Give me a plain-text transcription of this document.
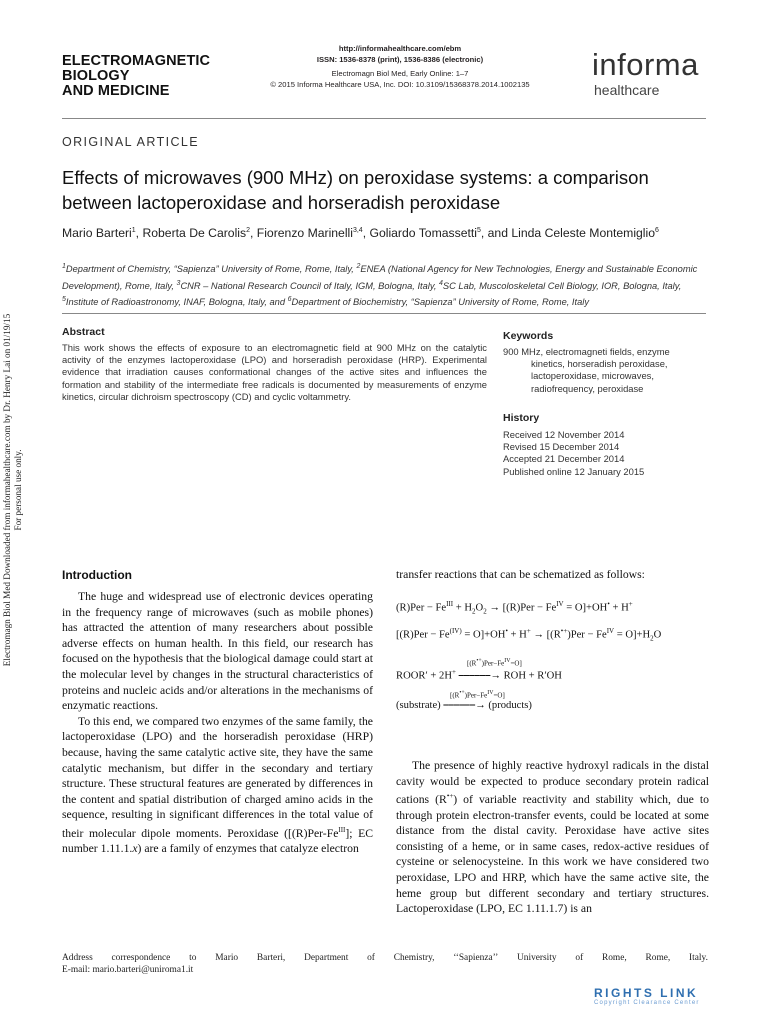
ELECTROMAGNETIC
BIOLOGY
AND MEDICINE
http://informahealthcare.com/ebm
ISSN: 1536-8378 (print), 1536-8386 (electronic)
Electromagn Biol Med, Early Online: 1–7
© 2015 Informa Healthcare USA, Inc. DOI: 10.3109/15368378.2014.1002135
informa
healthcare
Electromagn Biol Med Downloaded from informahealthcare.com by Dr. Henry Lai on 01/19/15 For personal use only.
ORIGINAL ARTICLE
Effects of microwaves (900 MHz) on peroxidase systems: a comparison between lactoperoxidase and horseradish peroxidase
Mario Barteri$^1$, Roberta De Carolis$^2$, Fiorenzo Marinelli$^{3,4}$, Goliardo Tomassetti$^5$, and Linda Celeste Montemiglio$^6$
$^1$Department of Chemistry, “Sapienza” University of Rome, Rome, Italy, $^2$ENEA (National Agency for New Technologies, Energy and Sustainable Economic Development), Rome, Italy, $^3$CNR – National Research Council of Italy, IGM, Bologna, Italy, $^4$SC Lab, Muscoloskeletal Cell Biology, IOR, Bologna, Italy, $^5$Institute of Radioastronomy, INAF, Bologna, Italy, and $^6$Department of Biochemistry, “Sapienza” University of Rome, Rome, Italy
Abstract
This work shows the effects of exposure to an electromagnetic field at 900 MHz on the catalytic activity of the enzymes lactoperoxidase (LPO) and horseradish peroxidase (HRP). Experimental evidence that irradiation causes conformational changes of the active sites and influences the formation and stability of the intermediate free radicals is documented by measurements of enzyme kinetics, circular dichroism spectroscopy (CD) and cyclic voltammetry.
Keywords
900 MHz, electromagneti fields, enzyme
kinetics, horseradish peroxidase,
lactoperoxidase, microwaves,
radiofrequency, peroxidase
History
Received 12 November 2014
Revised 15 December 2014
Accepted 21 December 2014
Published online 12 January 2015
Introduction

The huge and widespread use of electronic devices operating in the frequency range of microwaves (such as mobile phones) has attracted the attention of many researchers about possible adverse effects on human health. In this field, our research has focused on the hypothesis that the biological damage could start at the molecular level by changes in the structural characteristics of proteins and nucleic acids and/or alterations in the mechanisms of enzymatic reactions.

To this end, we compared two enzymes of the same family, the lactoperoxidase (LPO) and the horseradish peroxidase (HRP) because, having the same catalytic active site, they have the same catalytic mechanism, but differ in the secondary and tertiary structure. These structural features are generated by differences in the content and spatial distribution of charged amino acids in the sequence, resulting in significant differences in the total value of their molecular dipole moments. Peroxidase ($[(R)Per-Fe^{III}]$; EC number 1.11.1.x) are a family of enzymes that catalyze electron

transfer reactions that can be schematized as follows:
$(R)Per - Fe^{III} + H_2O_2 \to [(R)Per - Fe^{IV} = O]+OH^• + H^+$
$[(R)Per - Fe^{(IV)} = O]+OH^• + H^+ \to [(R^{•+})Per - Fe^{IV} = O]+H_2O$
$[(R^{•+})Per-Fe^{IV}=O]$
ROOR′ + 2H+ ⎯⎯⎯⎯⎯⎯→ ROH + R′OH
$[(R^{•+})Per-Fe^{IV}=O]$
(substrate) ⎯⎯⎯⎯⎯⎯→ (products)

The presence of highly reactive hydroxyl radicals in the distal cavity would be expected to produce secondary protein radical cations (R•+) of variable reactivity and stability which, due to through protein electron-transfer events, could be located at some distance from the distal cavity. Peroxidase have active sites consisting of a heme, or in same cases, redox-active residues of cysteine or selenocysteine. In this work we have considered two peroxidase, LPO and HRP, which have the same active site, the heme group but different secondary and tertiary structures. Lactoperoxidase (LPO, EC 1.11.1.7) is an

Address correspondence to Mario Barteri, Department of Chemistry, ‘‘Sapienza’’ University of Rome, Rome, Italy.
E-mail: mario.barteri@uniroma1.it
RIGHTS LINK
Copyright Clearance Center
